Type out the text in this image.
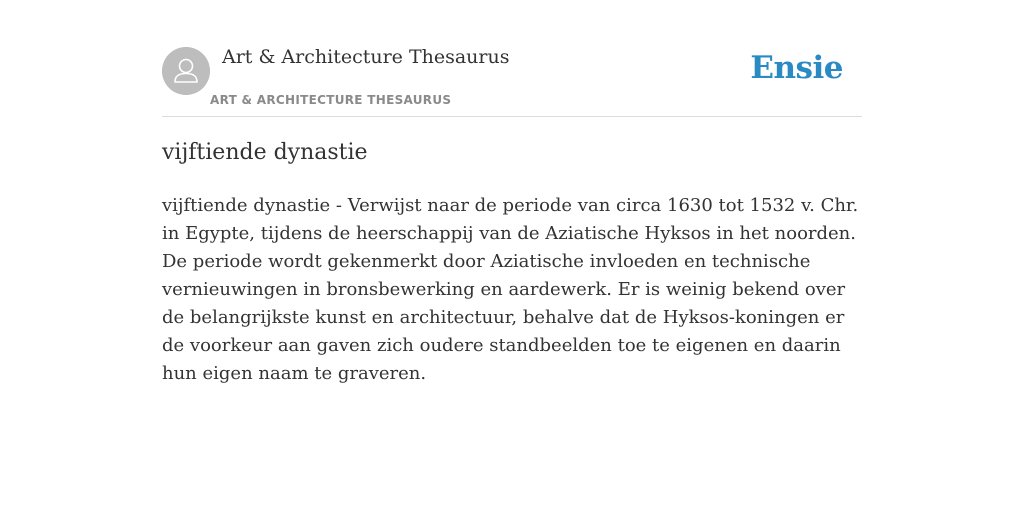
Art & Architecture Thesaurus
ART & ARCHITECTURE THESAURUS
Ensie
vijftiende dynastie

vijftiende dynastie - Verwijst naar de periode van circa 1630 tot 1532 v. Chr. in Egypte, tijdens de heerschappij van de Aziatische Hyksos in het noorden. De periode wordt gekenmerkt door Aziatische invloeden en technische vernieuwingen in bronsbewerking en aardewerk. Er is weinig bekend over de belangrijkste kunst en architectuur, behalve dat de Hyksos-koningen er de voorkeur aan gaven zich oudere standbeelden toe te eigenen en daarin hun eigen naam te graveren.
